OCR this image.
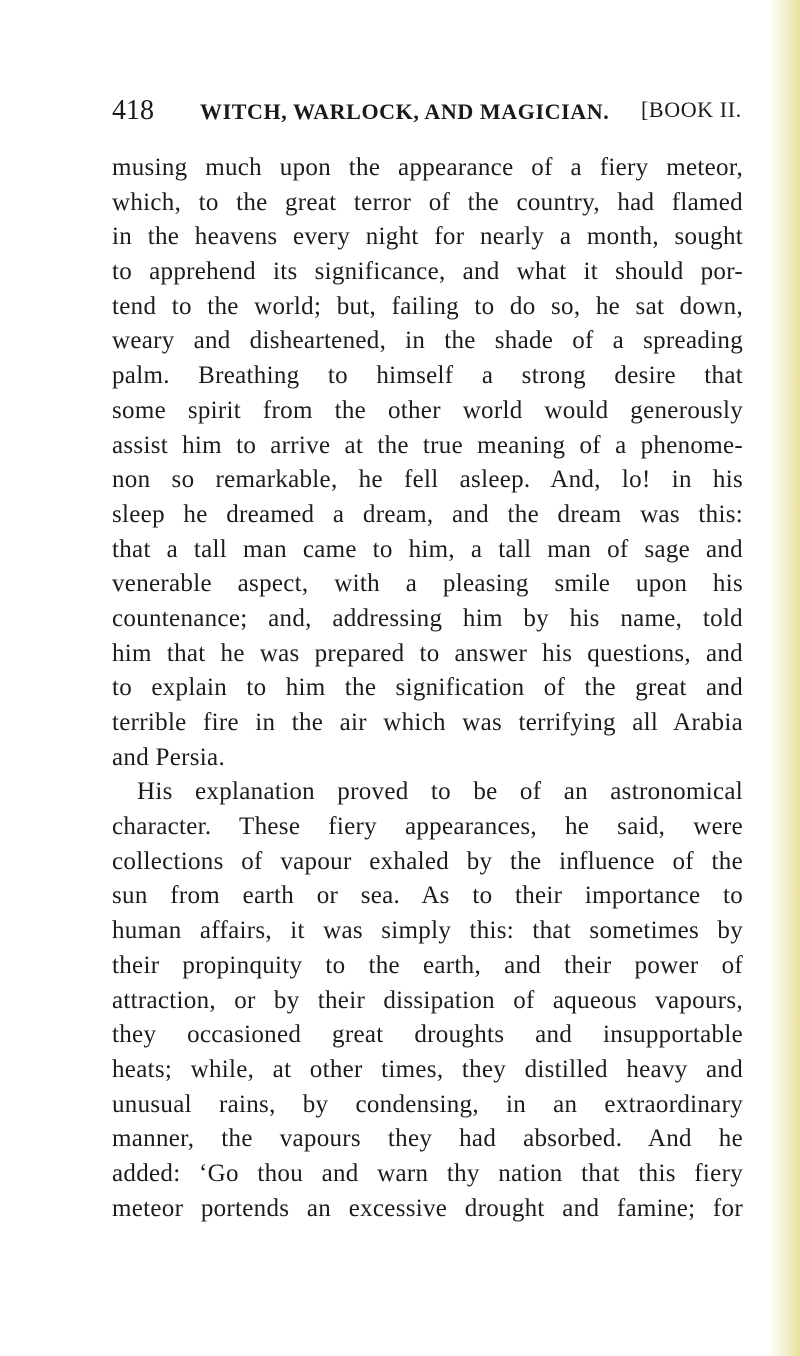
418 WITCH, WARLOCK, AND MAGICIAN. [BOOK II.
musing much upon the appearance of a fiery meteor,
which, to the great terror of the country, had flamed
in the heavens every night for nearly a month, sought
to apprehend its significance, and what it should por-
tend to the world; but, failing to do so, he sat down,
weary and disheartened, in the shade of a spreading
palm. Breathing to himself a strong desire that
some spirit from the other world would generously
assist him to arrive at the true meaning of a phenome-
non so remarkable, he fell asleep. And, lo! in his
sleep he dreamed a dream, and the dream was this:
that a tall man came to him, a tall man of sage and
venerable aspect, with a pleasing smile upon his
countenance; and, addressing him by his name, told
him that he was prepared to answer his questions, and
to explain to him the signification of the great and
terrible fire in the air which was terrifying all Arabia
and Persia.
His explanation proved to be of an astronomical
character. These fiery appearances, he said, were
collections of vapour exhaled by the influence of the
sun from earth or sea. As to their importance to
human affairs, it was simply this: that sometimes by
their propinquity to the earth, and their power of
attraction, or by their dissipation of aqueous vapours,
they occasioned great droughts and insupportable
heats; while, at other times, they distilled heavy and
unusual rains, by condensing, in an extraordinary
manner, the vapours they had absorbed. And he
added: ‘Go thou and warn thy nation that this fiery
meteor portends an excessive drought and famine; for
